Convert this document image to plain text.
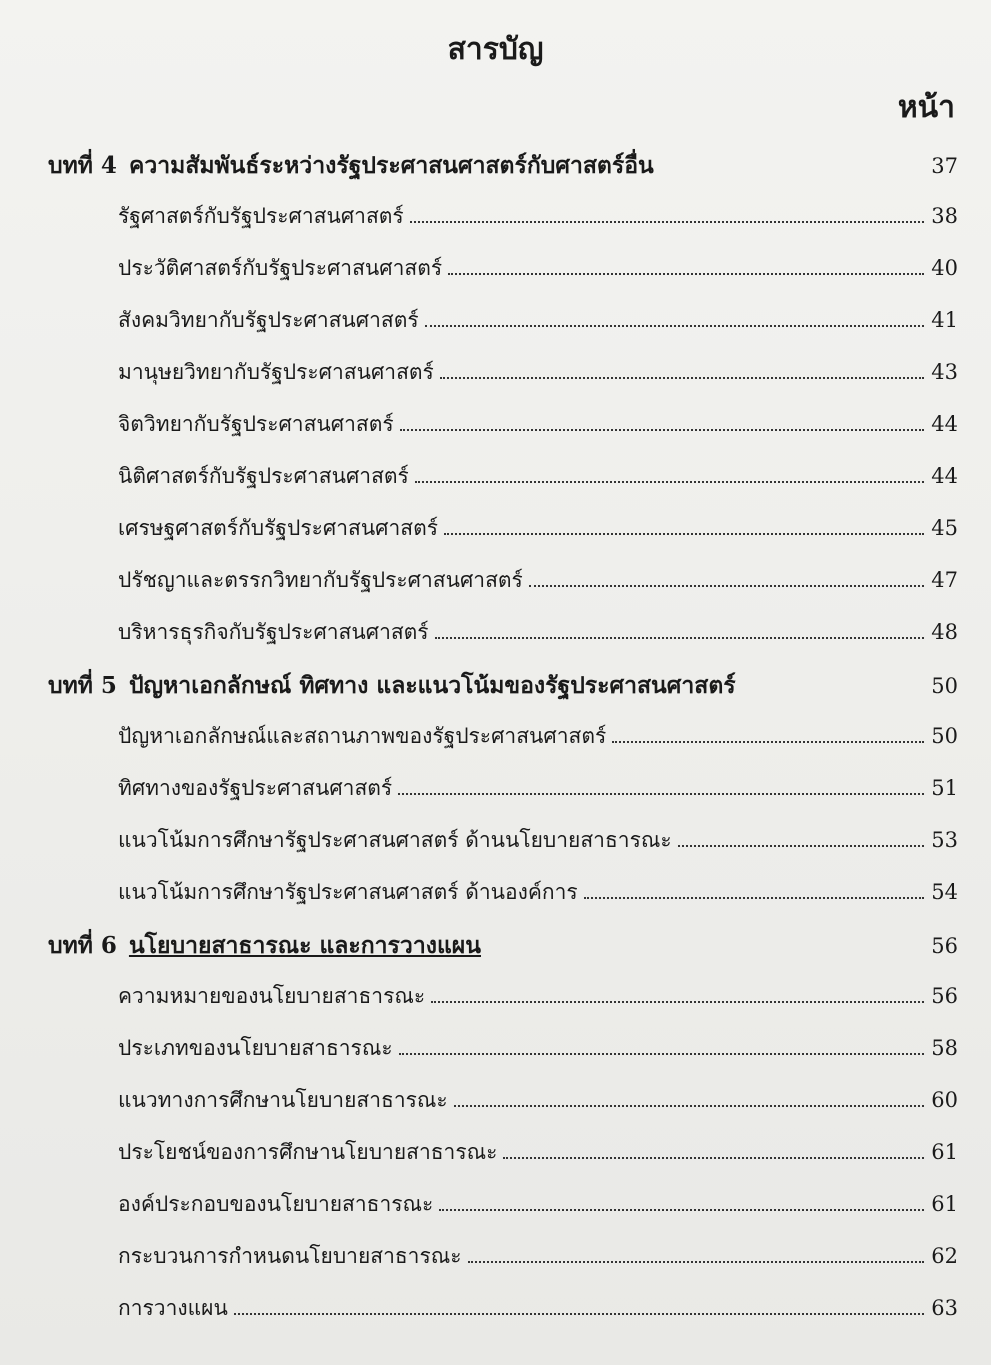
สารบัญ
หน้า
บทที่ 4 ความสัมพันธ์ระหว่างรัฐประศาสนศาสตร์กับศาสตร์อื่น	37
รัฐศาสตร์กับรัฐประศาสนศาสตร์	38
ประวัติศาสตร์กับรัฐประศาสนศาสตร์	40
สังคมวิทยากับรัฐประศาสนศาสตร์	41
มานุษยวิทยากับรัฐประศาสนศาสตร์	43
จิตวิทยากับรัฐประศาสนศาสตร์	44
นิติศาสตร์กับรัฐประศาสนศาสตร์	44
เศรษฐศาสตร์กับรัฐประศาสนศาสตร์	45
ปรัชญาและตรรกวิทยากับรัฐประศาสนศาสตร์	47
บริหารธุรกิจกับรัฐประศาสนศาสตร์	48
บทที่ 5 ปัญหาเอกลักษณ์ ทิศทาง และแนวโน้มของรัฐประศาสนศาสตร์	50
ปัญหาเอกลักษณ์และสถานภาพของรัฐประศาสนศาสตร์	50
ทิศทางของรัฐประศาสนศาสตร์	51
แนวโน้มการศึกษารัฐประศาสนศาสตร์ ด้านนโยบายสาธารณะ	53
แนวโน้มการศึกษารัฐประศาสนศาสตร์ ด้านองค์การ	54
บทที่ 6 นโยบายสาธารณะ และการวางแผน	56
ความหมายของนโยบายสาธารณะ	56
ประเภทของนโยบายสาธารณะ	58
แนวทางการศึกษานโยบายสาธารณะ	60
ประโยชน์ของการศึกษานโยบายสาธารณะ	61
องค์ประกอบของนโยบายสาธารณะ	61
กระบวนการกำหนดนโยบายสาธารณะ	62
การวางแผน	63
